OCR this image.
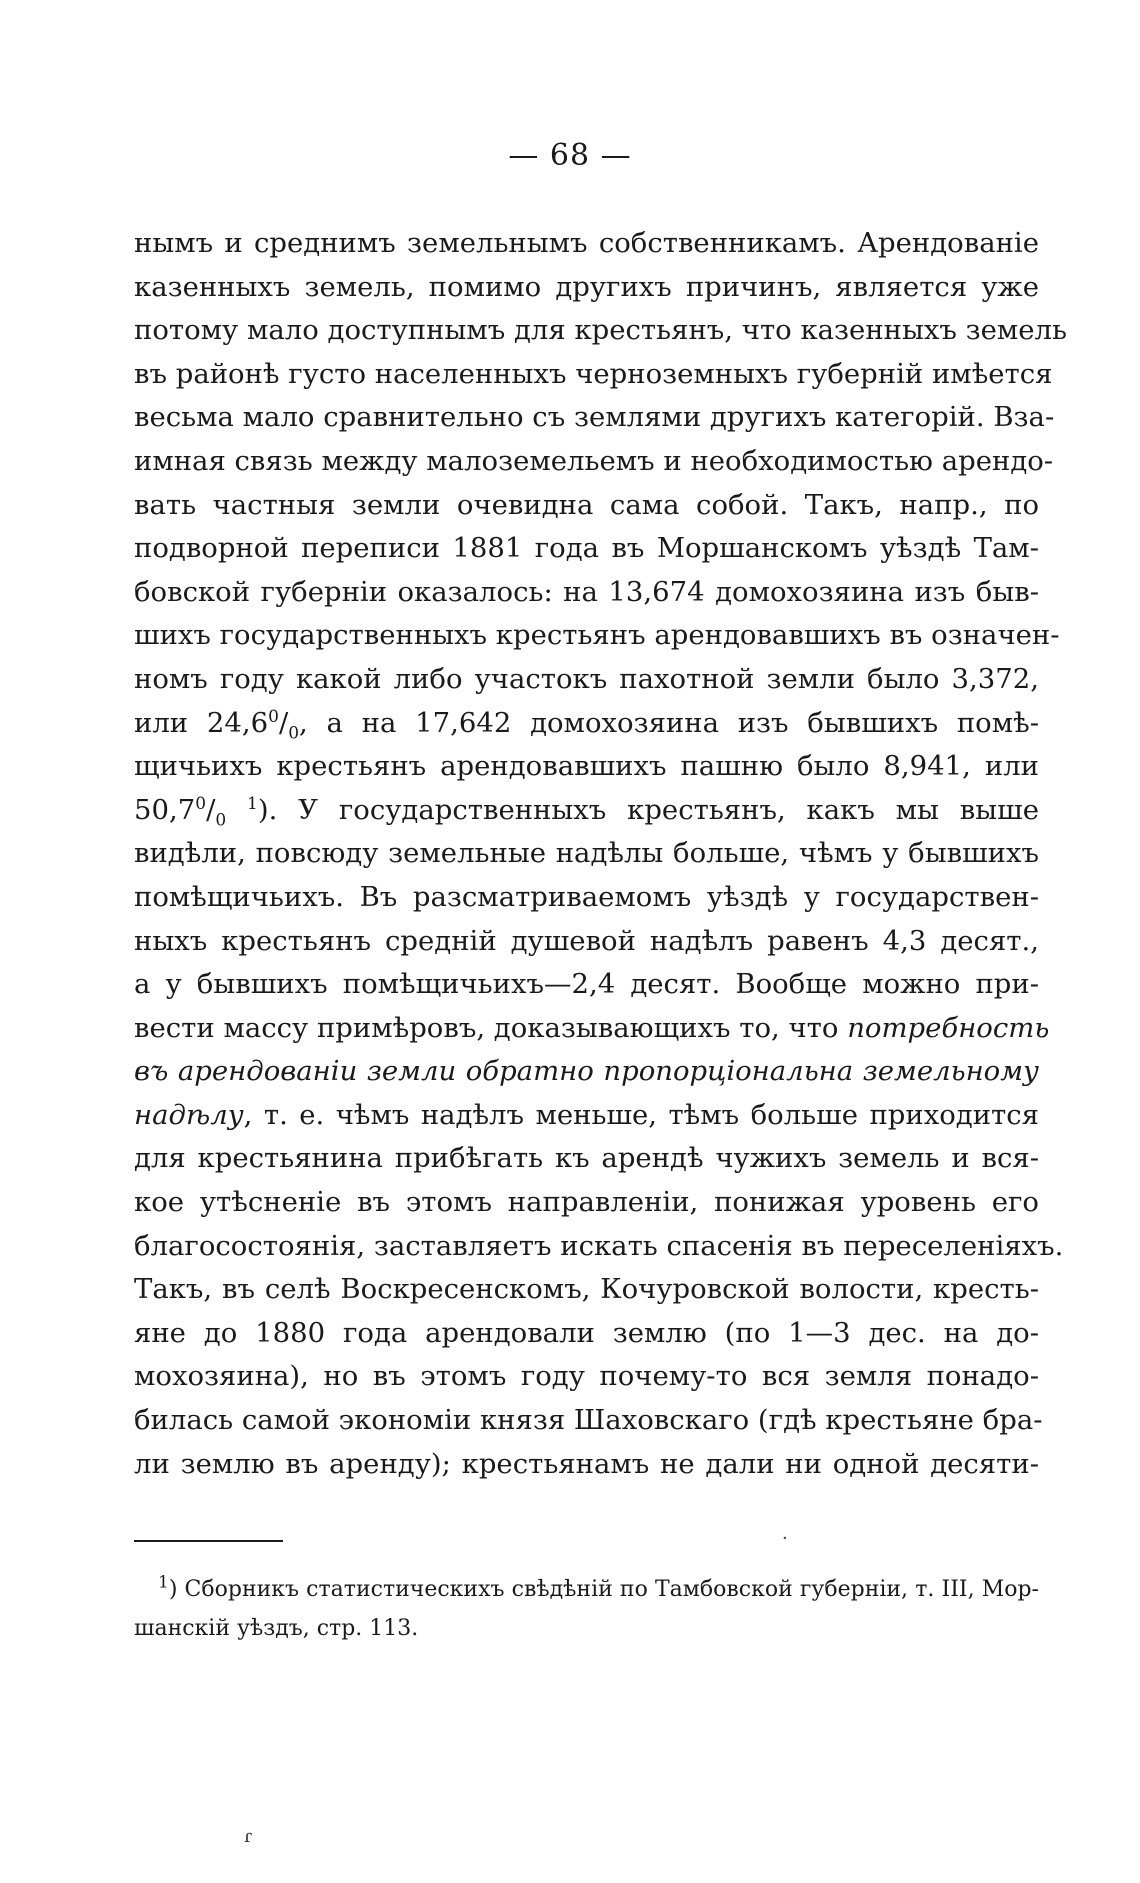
— 68 —
нымъ и среднимъ земельнымъ собственникамъ. Арендованіе
казенныхъ земель, помимо другихъ причинъ, является уже
потому мало доступнымъ для крестьянъ, что казенныхъ земель
въ районѣ густо населенныхъ черноземныхъ губерній имѣется
весьма мало сравнительно съ землями другихъ категорій. Вза-
имная связь между малоземельемъ и необходимостью арендо-
вать частныя земли очевидна сама собой. Такъ, напр., по
подворной переписи 1881 года въ Моршанскомъ уѣздѣ Там-
бовской губерніи оказалось: на 13,674 домохозяина изъ быв-
шихъ государственныхъ крестьянъ арендовавшихъ въ означен-
номъ году какой либо участокъ пахотной земли было 3,372,
или $24,6^0/_0$, а на 17,642 домохозяина изъ бывшихъ помѣ-
щичьихъ крестьянъ арендовавшихъ пашню было 8,941, или
$50,7^0/_0$ $^1$). У государственныхъ крестьянъ, какъ мы выше
видѣли, повсюду земельные надѣлы больше, чѣмъ у бывшихъ
помѣщичьихъ. Въ разсматриваемомъ уѣздѣ у государствен-
ныхъ крестьянъ средній душевой надѣлъ равенъ 4,3 десят.,
а у бывшихъ помѣщичьихъ—2,4 десят. Вообще можно при-
вести массу примѣровъ, доказывающихъ то, что потребность
въ арендованіи земли обратно пропорціональна земельному
надѣлу, т. е. чѣмъ надѣлъ меньше, тѣмъ больше приходится
для крестьянина прибѣгать къ арендѣ чужихъ земель и вся-
кое утѣсненіе въ этомъ направленіи, понижая уровень его
благосостоянія, заставляетъ искать спасенія въ переселеніяхъ.
Такъ, въ селѣ Воскресенскомъ, Кочуровской волости, кресть-
яне до 1880 года арендовали землю (по 1—3 дес. на до-
мохозяина), но въ этомъ году почему-то вся земля понадо-
билась самой экономіи князя Шаховскаго (гдѣ крестьяне бра-
ли землю въ аренду); крестьянамъ не дали ни одной десяти-
$^1$) Сборникъ статистическихъ свѣдѣній по Тамбовской губерніи, т. III, Мор-
шанскій уѣздъ, стр. 113.
·
ɾ
